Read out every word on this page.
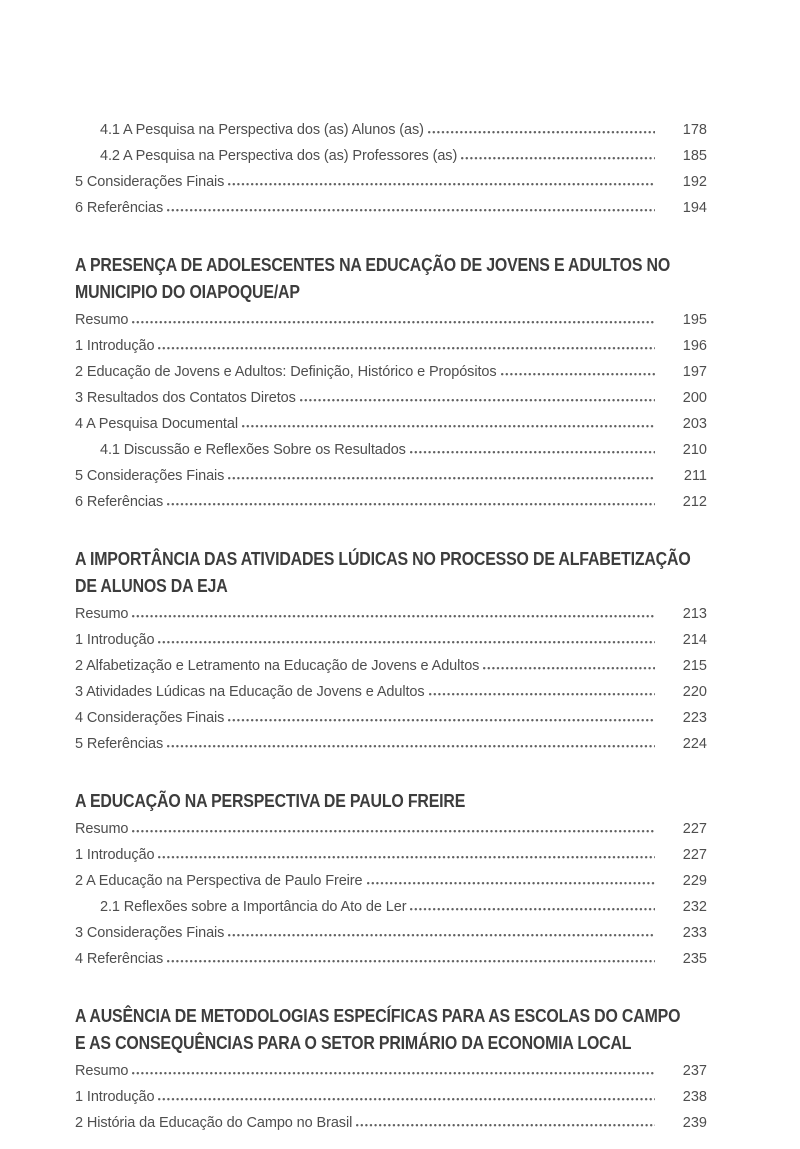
4.1 A Pesquisa na Perspectiva dos (as) Alunos (as)	178
4.2 A Pesquisa na Perspectiva dos (as) Professores (as)	185
5 Considerações Finais	192
6 Referências	194
A PRESENÇA DE ADOLESCENTES NA EDUCAÇÃO DE JOVENS E ADULTOS NO
MUNICIPIO DO OIAPOQUE/AP
Resumo	195
1 Introdução	196
2 Educação de Jovens e Adultos: Definição, Histórico e Propósitos	197
3 Resultados dos Contatos Diretos	200
4 A Pesquisa Documental	203
4.1 Discussão e Reflexões Sobre os Resultados	210
5 Considerações Finais	211
6 Referências	212
A IMPORTÂNCIA DAS ATIVIDADES LÚDICAS NO PROCESSO DE ALFABETIZAÇÃO
DE ALUNOS DA EJA
Resumo	213
1 Introdução	214
2 Alfabetização e Letramento na Educação de Jovens e Adultos	215
3 Atividades Lúdicas na Educação de Jovens e Adultos	220
4 Considerações Finais	223
5 Referências	224
A EDUCAÇÃO NA PERSPECTIVA DE PAULO FREIRE
Resumo	227
1 Introdução	227
2 A Educação na Perspectiva de Paulo Freire	229
2.1 Reflexões sobre a Importância do Ato de Ler	232
3 Considerações Finais	233
4 Referências	235
A AUSÊNCIA DE METODOLOGIAS ESPECÍFICAS PARA AS ESCOLAS DO CAMPO
E AS CONSEQUÊNCIAS PARA O SETOR PRIMÁRIO DA ECONOMIA LOCAL
Resumo	237
1 Introdução	238
2 História da Educação do Campo no Brasil	239
